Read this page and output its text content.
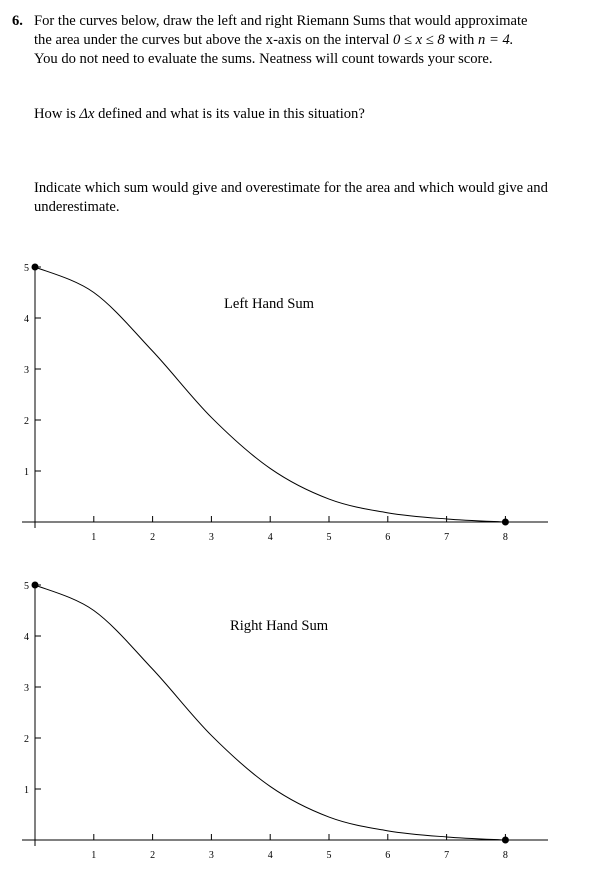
6. For the curves below, draw the left and right Riemann Sums that would approximate
the area under the curves but above the x-axis on the interval 0 ≤ x ≤ 8 with n = 4.
You do not need to evaluate the sums. Neatness will count towards your score.
How is Δx defined and what is its value in this situation?
Indicate which sum would give and overestimate for the area and which would give and underestimate.
1	2	3	4	5	6	7	8
1
2
3
4
5
Left Hand Sum
1	2	3	4	5	6	7	8
1
2
3
4
5
Right Hand Sum
